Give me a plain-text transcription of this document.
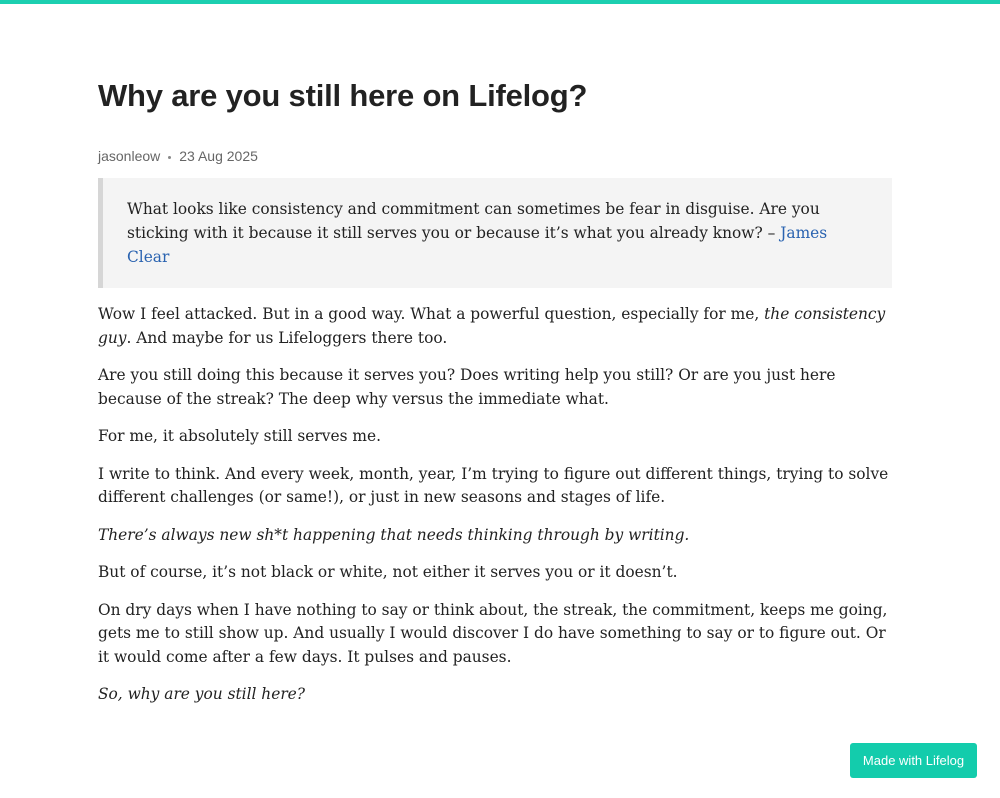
Why are you still here on Lifelog?
jasonleow 23 Aug 2025
What looks like consistency and commitment can sometimes be fear in disguise. Are you sticking with it because it still serves you or because it’s what you already know? – James Clear

Wow I feel attacked. But in a good way. What a powerful question, especially for me, the consistency guy. And maybe for us Lifeloggers there too.

Are you still doing this because it serves you? Does writing help you still? Or are you just here because of the streak? The deep why versus the immediate what.

For me, it absolutely still serves me.

I write to think. And every week, month, year, I’m trying to figure out different things, trying to solve different challenges (or same!), or just in new seasons and stages of life.

There’s always new sh*t happening that needs thinking through by writing.

But of course, it’s not black or white, not either it serves you or it doesn’t.

On dry days when I have nothing to say or think about, the streak, the commitment, keeps me going, gets me to still show up. And usually I would discover I do have something to say or to figure out. Or it would come after a few days. It pulses and pauses.

So, why are you still here?

Made with Lifelog
